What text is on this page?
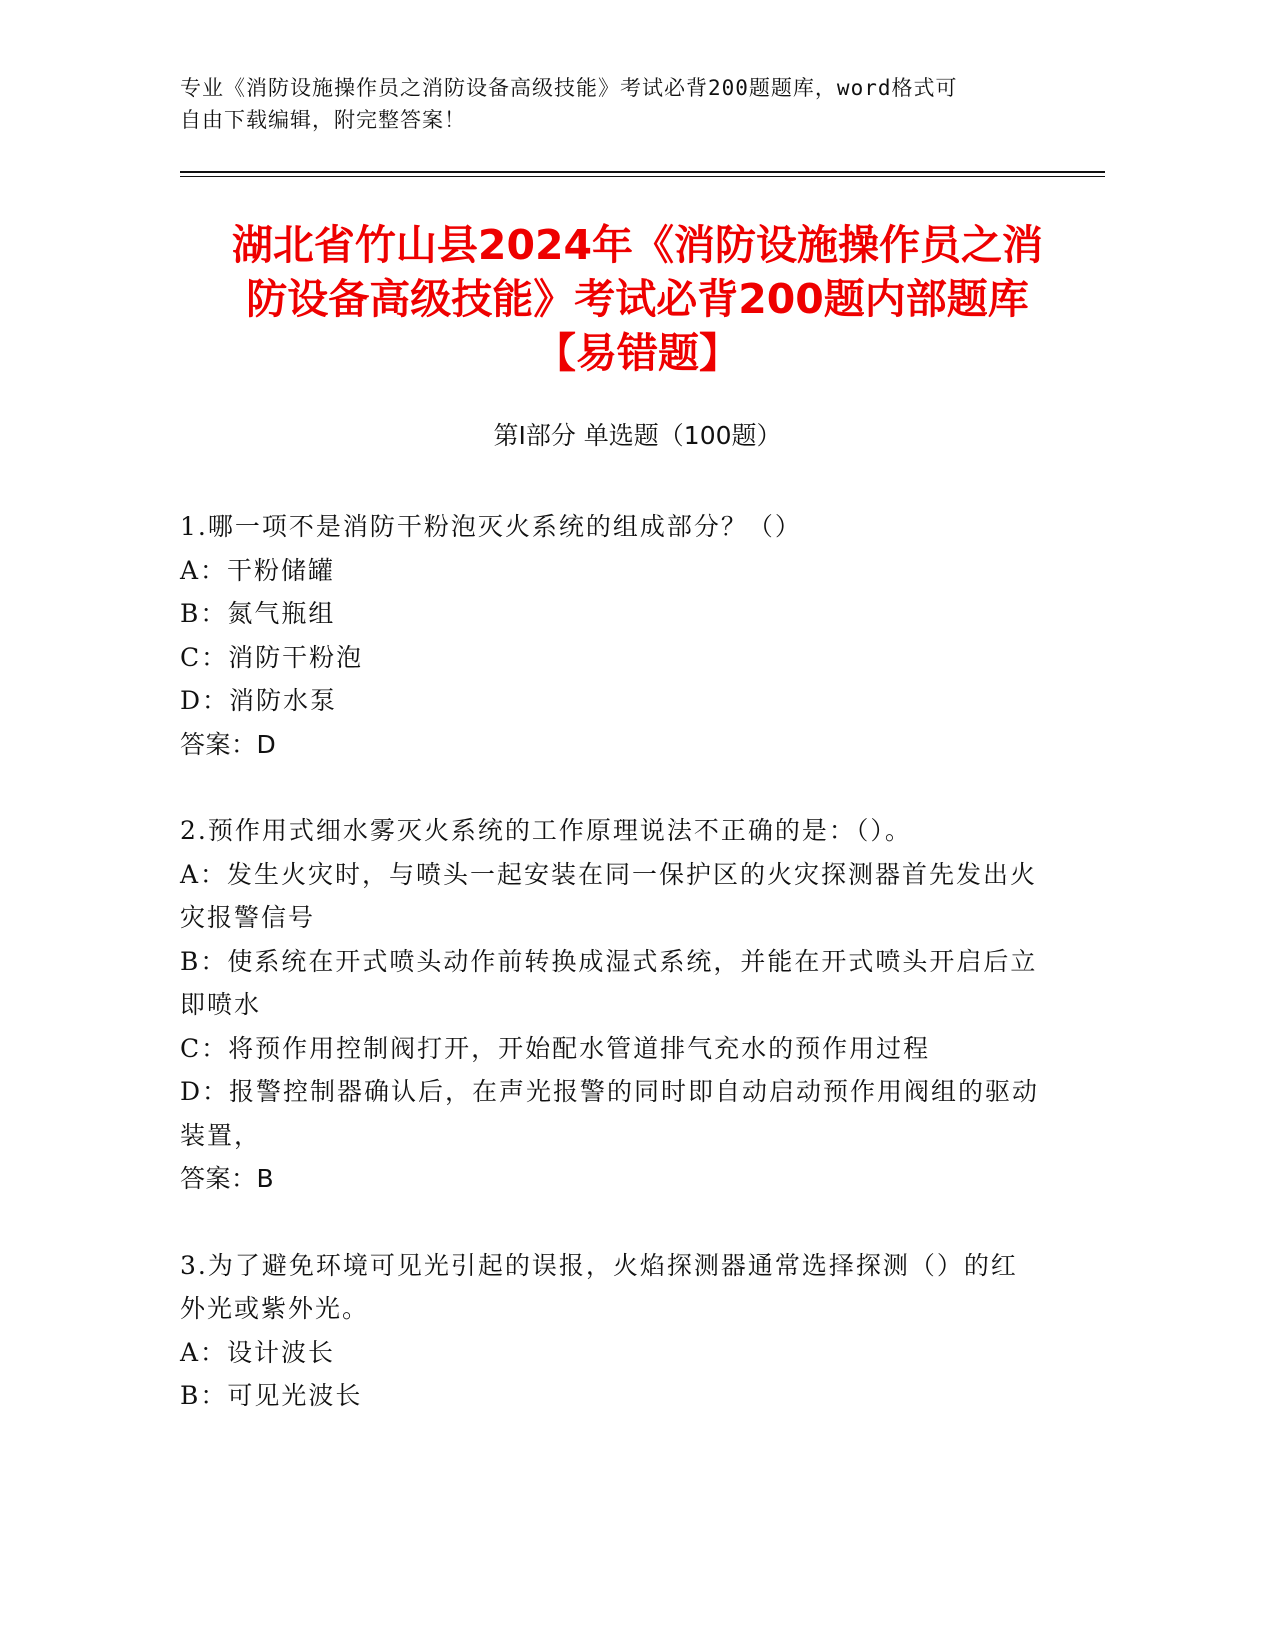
专业《消防设施操作员之消防设备高级技能》考试必背200题题库，word格式可
自由下载编辑，附完整答案！
湖北省竹山县2024年《消防设施操作员之消
防设备高级技能》考试必背200题内部题库
【易错题】
第Ⅰ部分 单选题（100题）
1.哪一项不是消防干粉泡灭火系统的组成部分？（）
A：干粉储罐
B：氮气瓶组
C：消防干粉泡
D：消防水泵
答案：D
2.预作用式细水雾灭火系统的工作原理说法不正确的是：（）。
A：发生火灾时，与喷头一起安装在同一保护区的火灾探测器首先发出火灾报警信号
B：使系统在开式喷头动作前转换成湿式系统，并能在开式喷头开启后立即喷水
C：将预作用控制阀打开，开始配水管道排气充水的预作用过程
D：报警控制器确认后，在声光报警的同时即自动启动预作用阀组的驱动装置，
答案：B
3.为了避免环境可见光引起的误报，火焰探测器通常选择探测（）的红外光或紫外光。
A：设计波长
B：可见光波长
